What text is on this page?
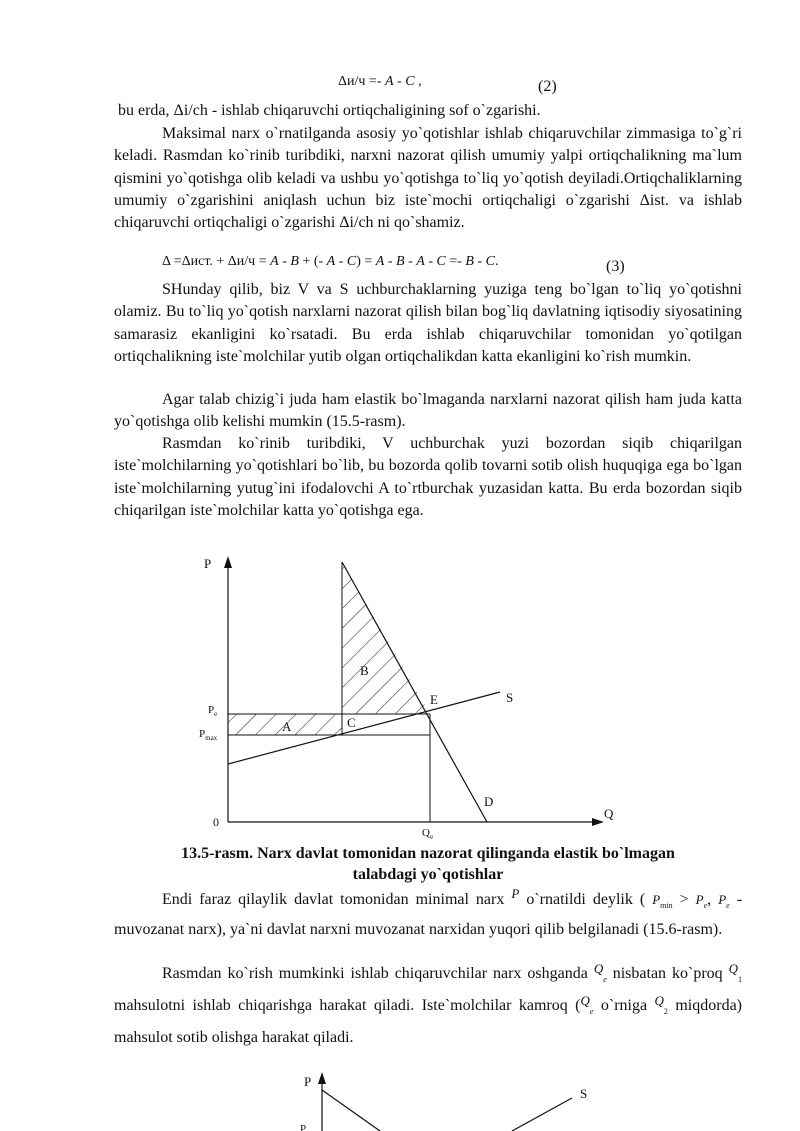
Δи/ч =- A - C ,	(2)

bu erda, Δi/ch - ishlab chiqaruvchi ortiqchaligining sof o`zgarishi.

Maksimal narx o`rnatilganda asosiy yo`qotishlar ishlab chiqaruvchilar zimmasiga to`g`ri keladi. Rasmdan ko`rinib turibdiki, narxni nazorat qilish umumiy yalpi ortiqchalikning ma`lum qismini yo`qotishga olib keladi va ushbu yo`qotishga to`liq yo`qotish deyiladi.Ortiqchaliklarning umumiy o`zgarishini aniqlash uchun biz iste`mochi ortiqchaligi o`zgarishi Δist. va ishlab chiqaruvchi ortiqchaligi o`zgarishi Δi/ch ni qo`shamiz.

Δ =Δист. + Δи/ч = A - B + (- A - C) = A - B - A - C =- B - C.	(3)

SHunday qilib, biz V va S uchburchaklarning yuziga teng bo`lgan to`liq yo`qotishni olamiz. Bu to`liq yo`qotish narxlarni nazorat qilish bilan bog`liq davlatning iqtisodiy siyosatining samarasiz ekanligini ko`rsatadi. Bu erda ishlab chiqaruvchilar tomonidan yo`qotilgan ortiqchalikning iste`molchilar yutib olgan ortiqchalikdan katta ekanligini ko`rish mumkin.

Agar talab chizig`i juda ham elastik bo`lmaganda narxlarni nazorat qilish ham juda katta yo`qotishga olib kelishi mumkin (15.5-rasm).

Rasmdan ko`rinib turibdiki, V uchburchak yuzi bozordan siqib chiqarilgan iste`molchilarning yo`qotishlari bo`lib, bu bozorda qolib tovarni sotib olish huquqiga ega bo`lgan iste`molchilarning yutug`ini ifodalovchi A to`rtburchak yuzasidan katta. Bu erda bozordan siqib chiqarilgan iste`molchilar katta yo`qotishga ega.

P
Q
0
$P_e$
$P_{max}$
$Q_e$
A
B
C
D
E	S
13.5-rasm. Narx davlat tomonidan nazorat qilinganda elastik bo`lmagan
talabdagi yo`qotishlar

Endi faraz qilaylik davlat tomonidan minimal narx $^P$ o`rnatildi deylik ( $P_{min} > P_e$, $P_e$ - muvozanat narx), ya`ni davlat narxni muvozanat narxidan yuqori qilib belgilanadi (15.6-rasm).

Rasmdan ko`rish mumkinki ishlab chiqaruvchilar narx oshganda $^Q_e$ nisbatan ko`proq $^Q_1$ mahsulotni ishlab chiqarishga harakat qiladi. Iste`molchilar kamroq ($^Q_e$ o`rniga $^Q_2$ miqdorda) mahsulot sotib olishga harakat qiladi.

P
S
P
